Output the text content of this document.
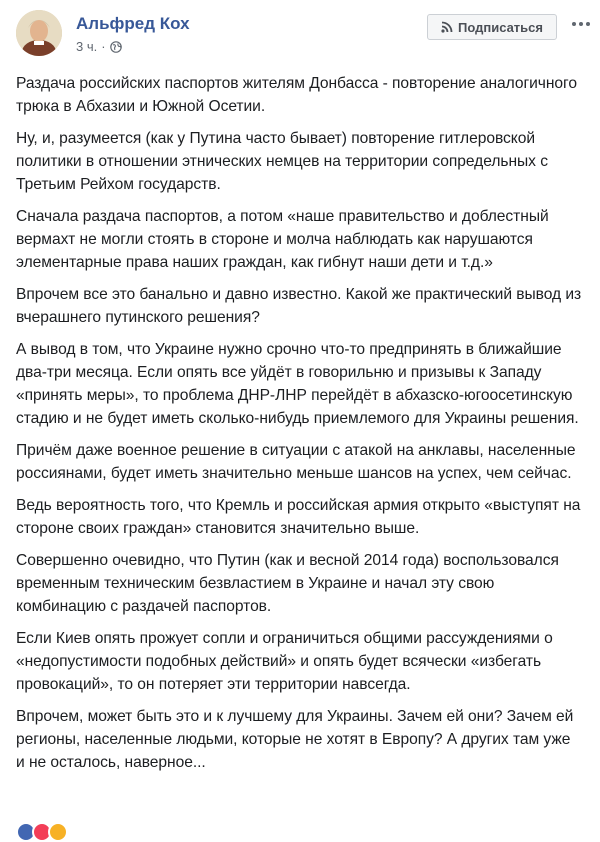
Альфред Кох
3 ч. ·
Подписаться

Раздача российских паспортов жителям Донбасса - повторение аналогичного трюка в Абхазии и Южной Осетии.

Ну, и, разумеется (как у Путина часто бывает) повторение гитлеровской политики в отношении этнических немцев на территории сопредельных с Третьим Рейхом государств.

Сначала раздача паспортов, а потом «наше правительство и доблестный вермахт не могли стоять в стороне и молча наблюдать как нарушаются элементарные права наших граждан, как гибнут наши дети и т.д.»

Впрочем все это банально и давно известно. Какой же практический вывод из вчерашнего путинского решения?

А вывод в том, что Украине нужно срочно что-то предпринять в ближайшие два-три месяца. Если опять все уйдёт в говорильню и призывы к Западу «принять меры», то проблема ДНР-ЛНР перейдёт в абхазско-югоосетинскую стадию и не будет иметь сколько-нибудь приемлемого для Украины решения.

Причём даже военное решение в ситуации с атакой на анклавы, населенные россиянами, будет иметь значительно меньше шансов на успех, чем сейчас.

Ведь вероятность того, что Кремль и российская армия открыто «выступят на стороне своих граждан» становится значительно выше.

Совершенно очевидно, что Путин (как и весной 2014 года) воспользовался временным техническим безвластием в Украине и начал эту свою комбинацию с раздачей паспортов.

Если Киев опять прожует сопли и ограничиться общими рассуждениями о «недопустимости подобных действий» и опять будет всячески «избегать провокаций», то он потеряет эти территории навсегда.

Впрочем, может быть это и к лучшему для Украины. Зачем ей они? Зачем ей регионы, населенные людьми, которые не хотят в Европу? А других там уже и не осталось, наверное...
